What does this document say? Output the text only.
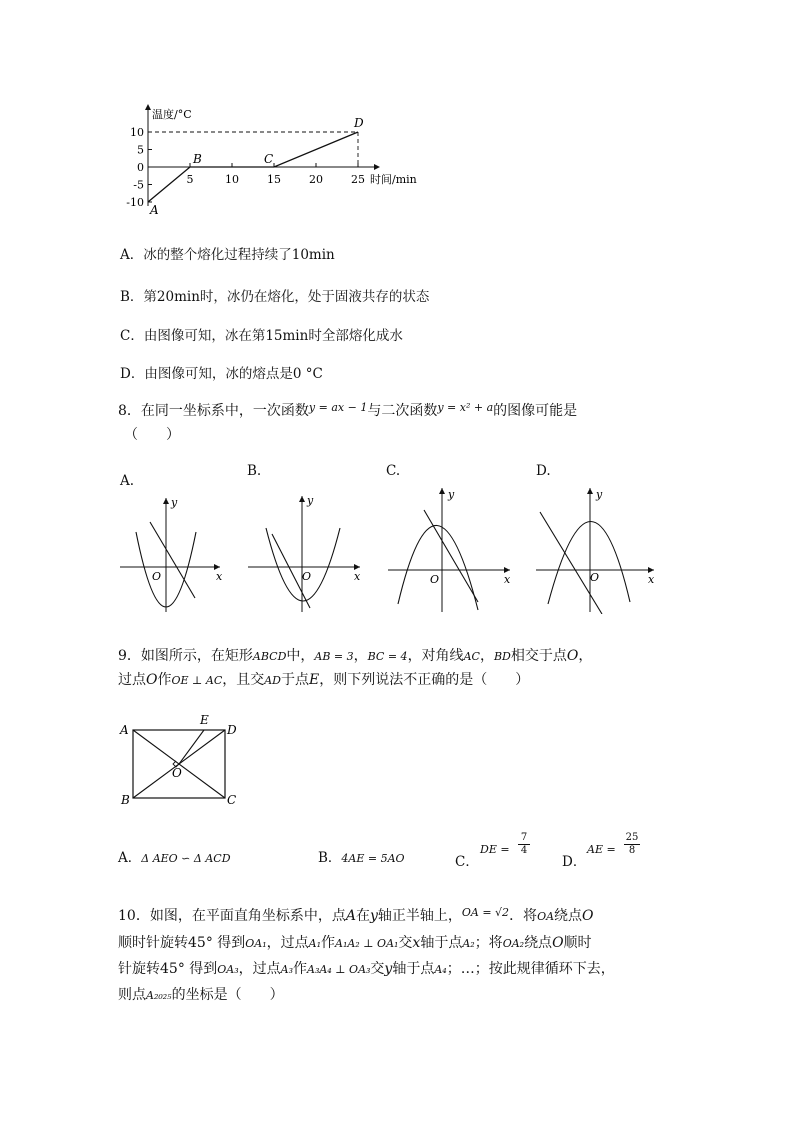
温度/°C
时间/min
10
5
0
-5
-10
5	10	15	20	25
A
B	C
D
A．冰的整个熔化过程持续了10min
B．第20min时，冰仍在熔化，处于固液共存的状态
C．由图像可知，冰在第15min时全部熔化成水
D．由图像可知，冰的熔点是0 °C
8．在同一坐标系中，一次函数$^{y = ax - 1}$与二次函数$^{y = x^2 + a}$的图像可能是
（　　）
A.
B.	C.	D.
y
x
O
y
x
O
y
x
O
y
x
O
9．如图所示，在矩形ABCD中，AB = 3，BC = 4，对角线AC，BD相交于点O，
过点O作OE ⊥ AC，且交AD于点E，则下列说法不正确的是（　　）
A	D
B	C
E
O
A．Δ AEO ∽ Δ ACD	B．4AE = 5AO	C．
DE = $\frac{7}{4}$
D．
AE = $\frac{25}{8}$
10．如图，在平面直角坐标系中，点A在y轴正半轴上，$^{OA = √2}$．将OA绕点O
顺时针旋转45° 得到OA₁，过点A₁作A₁A₂ ⊥ OA₁交x轴于点A₂；将OA₂绕点O顺时
针旋转45° 得到OA₃，过点A₃作A₃A₄ ⊥ OA₃交y轴于点A₄；…；按此规律循环下去，
则点A₂₀₂₅的坐标是（　　）
